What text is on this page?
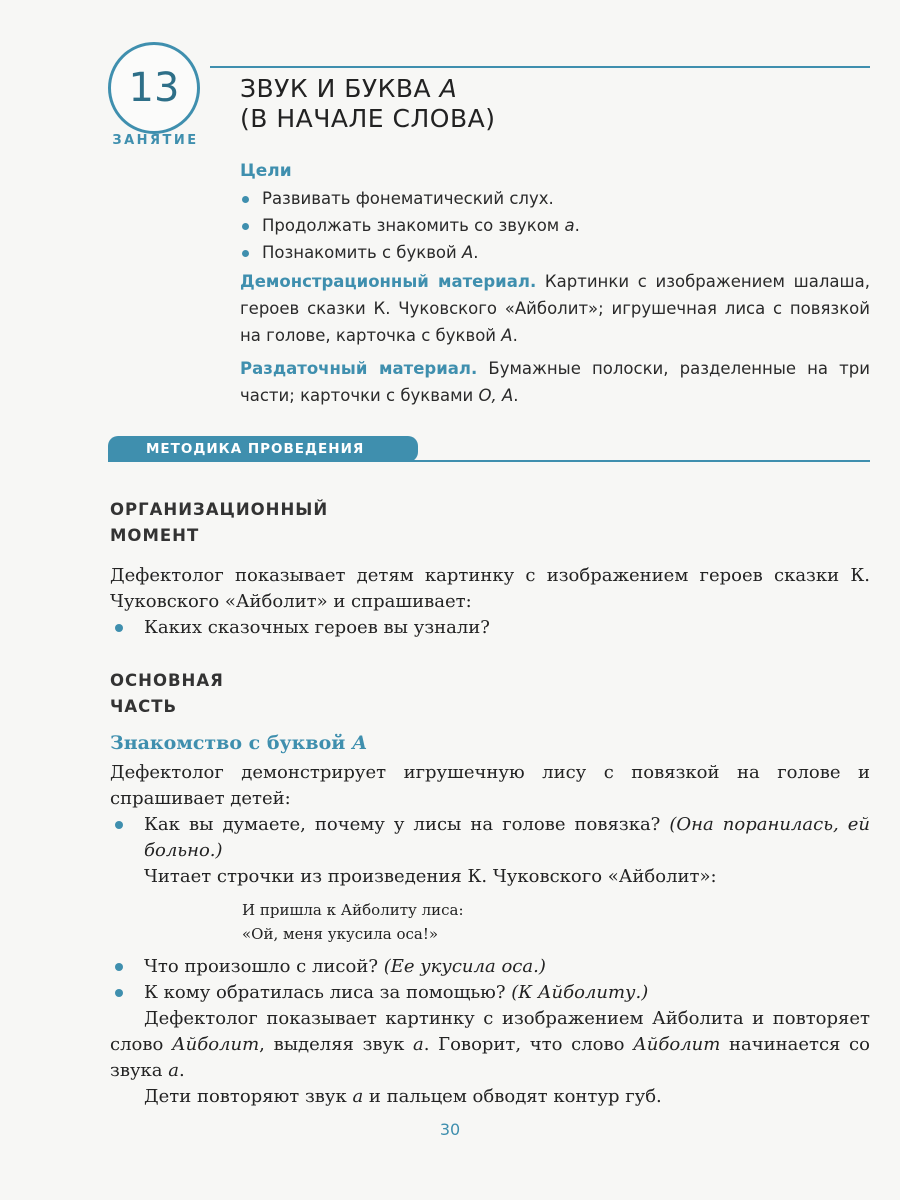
13
ЗАНЯТИЕ
ЗВУК И БУКВА А
(В НАЧАЛЕ СЛОВА)
Цели
Развивать фонематический слух.
Продолжать знакомить со звуком а.
Познакомить с буквой А.

Демонстрационный материал. Картинки с изображением шалаша, героев сказки К. Чуковского «Айболит»; игрушечная лиса с повязкой на голове, карточка с буквой А.

Раздаточный материал. Бумажные полоски, разделенные на три части; карточки с буквами О, А.

МЕТОДИКА ПРОВЕДЕНИЯ
ОРГАНИЗАЦИОННЫЙ
МОМЕНТ

Дефектолог показывает детям картинку с изображением героев сказки К. Чуковского «Айболит» и спрашивает:

Каких сказочных героев вы узнали?

ОСНОВНАЯ
ЧАСТЬ
Знакомство с буквой А

Дефектолог демонстрирует игрушечную лису с повязкой на голове и спрашивает детей:

Как вы думаете, почему у лисы на голове повязка? (Она поранилась, ей больно.)

Читает строчки из произведения К. Чуковского «Айболит»:

И пришла к Айболиту лиса:
«Ой, меня укусила оса!»

Что произошло с лисой? (Ее укусила оса.)

К кому обратилась лиса за помощью? (К Айболиту.)

Дефектолог показывает картинку с изображением Айболита и повторяет слово Айболит, выделяя звук а. Говорит, что слово Айболит начинается со звука а.

Дети повторяют звук а и пальцем обводят контур губ.

30
